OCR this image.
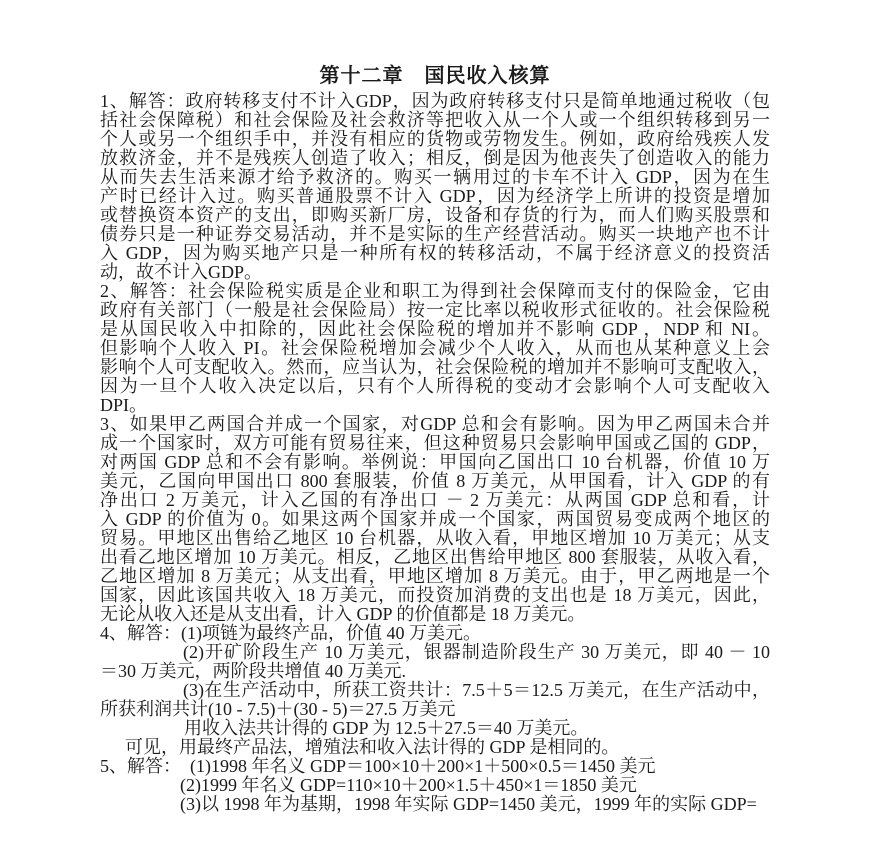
第十二章　国民收入核算
1、解答：政府转移支付不计入GDP，因为政府转移支付只是简单地通过税收（包
括社会保障税）和社会保险及社会救济等把收入从一个人或一个组织转移到另一
个人或另一个组织手中，并没有相应的货物或劳物发生。例如，政府给残疾人发
放救济金，并不是残疾人创造了收入；相反，倒是因为他丧失了创造收入的能力
从而失去生活来源才给予救济的。购买一辆用过的卡车不计入 GDP，因为在生
产时已经计入过。购买普通股票不计入 GDP，因为经济学上所讲的投资是增加
或替换资本资产的支出，即购买新厂房，设备和存货的行为，而人们购买股票和
债券只是一种证券交易活动，并不是实际的生产经营活动。购买一块地产也不计
入 GDP，因为购买地产只是一种所有权的转移活动，不属于经济意义的投资活
动，故不计入GDP。
2、解答：社会保险税实质是企业和职工为得到社会保障而支付的保险金，它由
政府有关部门（一般是社会保险局）按一定比率以税收形式征收的。社会保险税
是从国民收入中扣除的，因此社会保险税的增加并不影响 GDP ，NDP 和 NI。
但影响个人收入 PI。社会保险税增加会减少个人收入，从而也从某种意义上会
影响个人可支配收入。然而，应当认为，社会保险税的增加并不影响可支配收入，
因为一旦个人收入决定以后，只有个人所得税的变动才会影响个人可支配收入
DPI。
3、如果甲乙两国合并成一个国家，对GDP 总和会有影响。因为甲乙两国未合并
成一个国家时，双方可能有贸易往来，但这种贸易只会影响甲国或乙国的 GDP，
对两国 GDP 总和不会有影响。举例说：甲国向乙国出口 10 台机器，价值 10 万
美元，乙国向甲国出口 800 套服装，价值 8 万美元，从甲国看，计入 GDP 的有
净出口 2 万美元，计入乙国的有净出口 － 2 万美元：从两国 GDP 总和看，计
入 GDP 的价值为 0。如果这两个国家并成一个国家，两国贸易变成两个地区的
贸易。甲地区出售给乙地区 10 台机器，从收入看，甲地区增加 10 万美元；从支
出看乙地区增加 10 万美元。相反，乙地区出售给甲地区 800 套服装，从收入看，
乙地区增加 8 万美元；从支出看，甲地区增加 8 万美元。由于，甲乙两地是一个
国家，因此该国共收入 18 万美元，而投资加消费的支出也是 18 万美元，因此，
无论从收入还是从支出看，计入 GDP 的价值都是 18 万美元。
4、解答：(1)项链为最终产品，价值 40 万美元。
(2)开矿阶段生产 10 万美元，银器制造阶段生产 30 万美元，即 40 － 10
＝30 万美元，两阶段共增值 40 万美元.
(3)在生产活动中，所获工资共计：7.5＋5＝12.5 万美元，在生产活动中，
所获利润共计(10 - 7.5)＋(30 - 5)＝27.5 万美元
用收入法共计得的 GDP 为 12.5＋27.5＝40 万美元。
可见，用最终产品法，增殖法和收入法计得的 GDP 是相同的。
5、解答：　(1)1998 年名义 GDP＝100×10＋200×1＋500×0.5＝1450 美元
(2)1999 年名义 GDP=110×10＋200×1.5＋450×1＝1850 美元
(3)以 1998 年为基期，1998 年实际 GDP=1450 美元，1999 年的实际 GDP=
